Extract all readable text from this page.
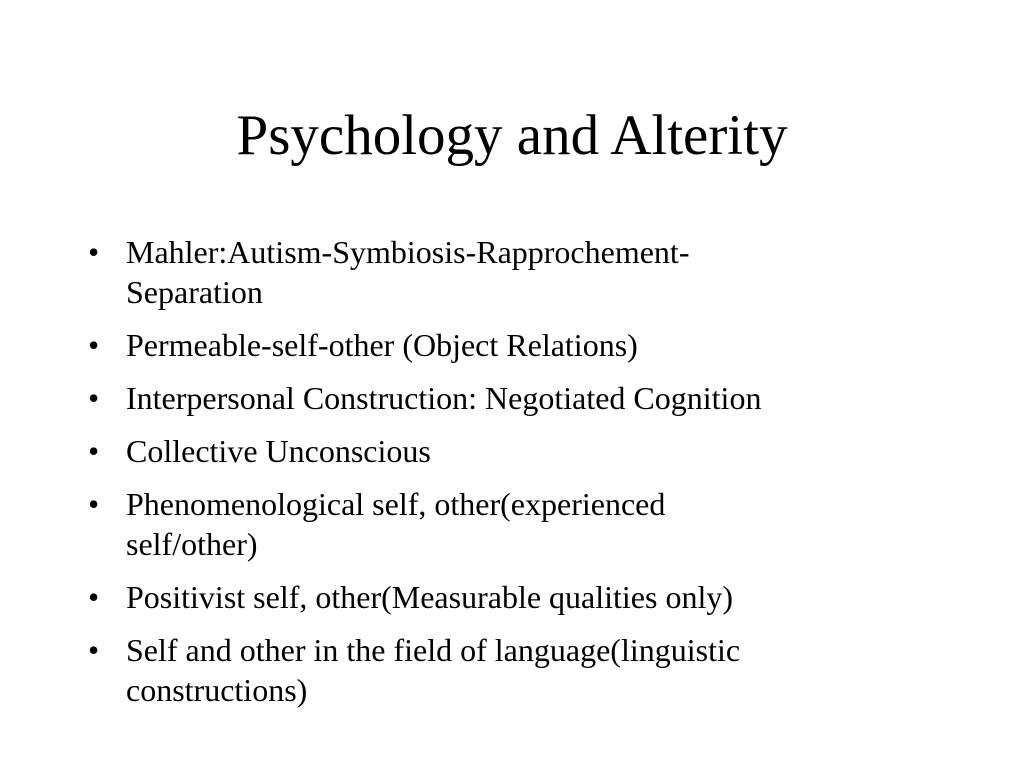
Psychology and Alterity
• Mahler:Autism-Symbiosis-Rapprochement-
Separation
• Permeable-self-other (Object Relations)
• Interpersonal Construction: Negotiated Cognition
• Collective Unconscious
• Phenomenological self, other(experienced
self/other)
• Positivist self, other(Measurable qualities only)
• Self and other in the field of language(linguistic
constructions)
